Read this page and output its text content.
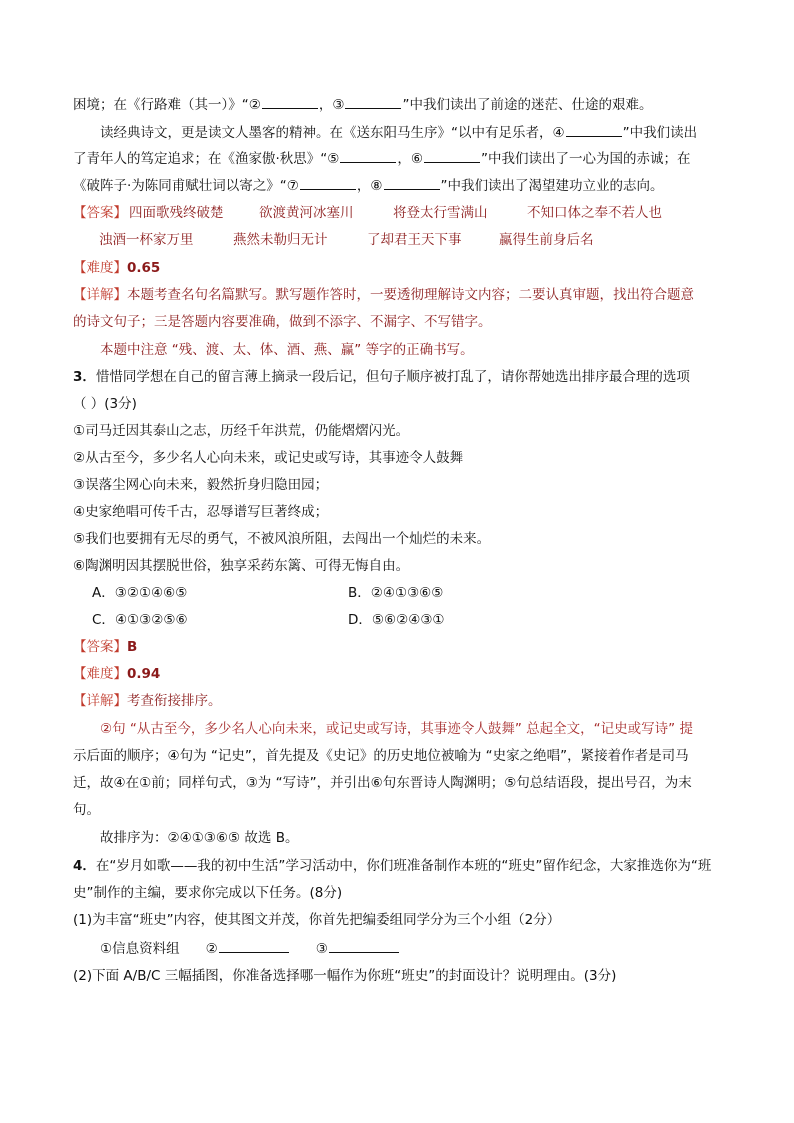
困境；在《行路难（其一）》“②	，③	”中我们读出了前途的迷茫、仕途的艰难。
读经典诗文，更是读文人墨客的精神。在《送东阳马生序》“以中有足乐者，④	”中我们读出
了青年人的笃定追求；在《渔家傲·秋思》“⑤	，⑥	”中我们读出了一心为国的赤诚；在
《破阵子·为陈同甫赋壮词以寄之》“⑦	，⑧	”中我们读出了渴望建功立业的志向。
【答案】 四面歌残终破楚	欲渡黄河冰塞川	将登太行雪满山	不知口体之奉不若人也
浊酒一杯家万里	燕然未勒归无计	了却君王天下事	赢得生前身后名
【难度】0.65
【详解】本题考查名句名篇默写。默写题作答时，一要透彻理解诗文内容；二要认真审题，找出符合题意
的诗文句子；三是答题内容要准确，做到不添字、不漏字、不写错字。
本题中注意 “残、渡、太、体、酒、燕、赢” 等字的正确书写。
3．惜惜同学想在自己的留言薄上摘录一段后记，但句子顺序被打乱了，请你帮她选出排序最合理的选项
（ ）(3分)
①司马迁因其泰山之志，历经千年洪荒，仍能熠熠闪光。
②从古至今，多少名人心向未来，或记史或写诗，其事迹令人鼓舞
③误落尘网心向未来，毅然折身归隐田园；
④史家绝唱可传千古，忍辱谱写巨著终成；
⑤我们也要拥有无尽的勇气，不被风浪所阻，去闯出一个灿烂的未来。
⑥陶渊明因其摆脱世俗，独享采药东篱、可得无悔自由。
A．③②①④⑥⑤	B．②④①③⑥⑤
C．④①③②⑤⑥	D．⑤⑥②④③①
【答案】B
【难度】0.94
【详解】考查衔接排序。
②句 “从古至今，多少名人心向未来，或记史或写诗，其事迹令人鼓舞” 总起全文，“记史或写诗” 提
示后面的顺序；④句为 “记史”，首先提及《史记》的历史地位被喻为 “史家之绝唱”，紧接着作者是司马
迁，故④在①前；同样句式，③为 “写诗”，并引出⑥句东晋诗人陶渊明；⑤句总结语段，提出号召，为末
句。
故排序为：②④①③⑥⑤ 故选 B。
4．在“岁月如歌——我的初中生活”学习活动中，你们班准备制作本班的“班史”留作纪念，大家推选你为“班
史”制作的主编，要求你完成以下任务。(8分)
(1)为丰富“班史”内容，使其图文并茂，你首先把编委组同学分为三个小组（2分）
①信息资料组 ②	③
(2)下面 A/B/C 三幅插图，你准备选择哪一幅作为你班“班史”的封面设计？说明理由。(3分)
